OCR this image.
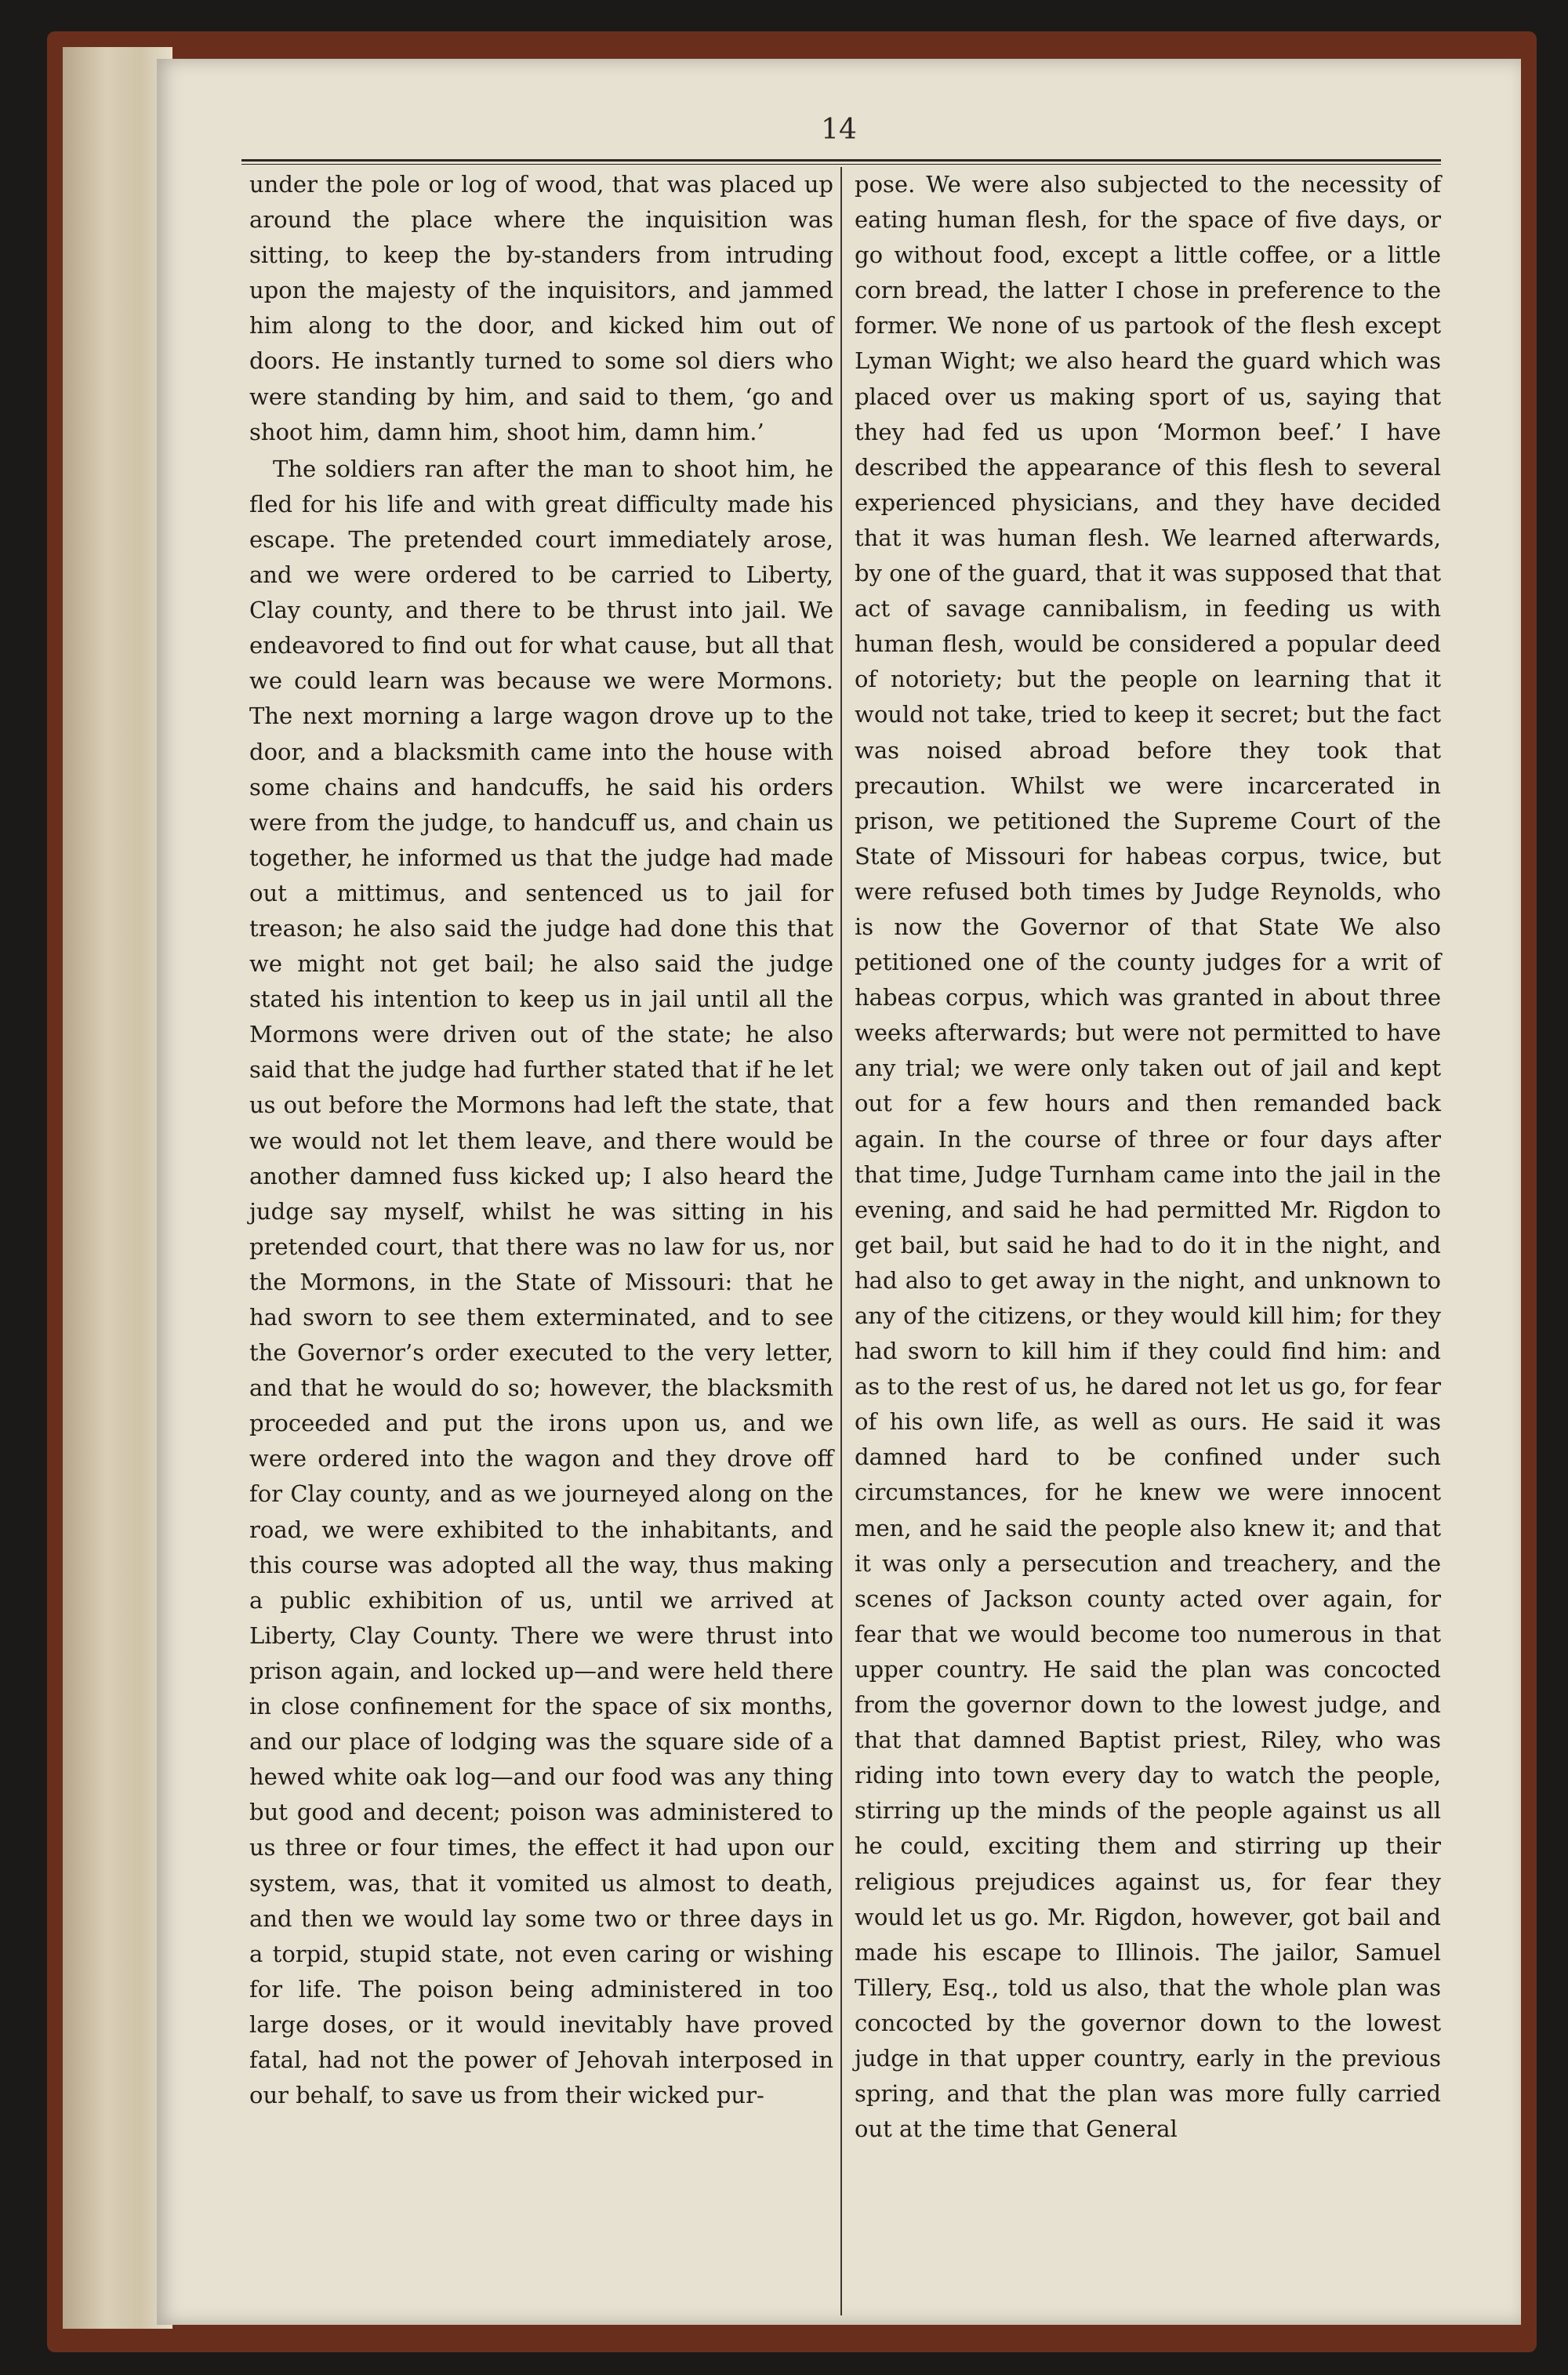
14

under the pole or log of wood, that was placed up around the place where the inquisition was sitting, to keep the by-standers from intruding upon the majesty of the inquisitors, and jammed him along to the door, and kicked him out of doors. He instantly turned to some sol diers who were standing by him, and said to them, ‘go and shoot him, damn him, shoot him, damn him.’

The soldiers ran after the man to shoot him, he fled for his life and with great difficulty made his escape. The pretended court immediately arose, and we were ordered to be carried to Liberty, Clay county, and there to be thrust into jail. We endeavored to find out for what cause, but all that we could learn was because we were Mormons. The next morning a large wagon drove up to the door, and a blacksmith came into the house with some chains and handcuffs, he said his orders were from the judge, to handcuff us, and chain us together, he informed us that the judge had made out a mittimus, and sentenced us to jail for treason; he also said the judge had done this that we might not get bail; he also said the judge stated his intention to keep us in jail until all the Mormons were driven out of the state; he also said that the judge had further stated that if he let us out before the Mormons had left the state, that we would not let them leave, and there would be another damned fuss kicked up; I also heard the judge say myself, whilst he was sitting in his pretended court, that there was no law for us, nor the Mormons, in the State of Missouri: that he had sworn to see them exterminated, and to see the Governor’s order executed to the very letter, and that he would do so; however, the blacksmith proceeded and put the irons upon us, and we were ordered into the wagon and they drove off for Clay county, and as we journeyed along on the road, we were exhibited to the inhabitants, and this course was adopted all the way, thus making a public exhibition of us, until we arrived at Liberty, Clay County. There we were thrust into prison again, and locked up—and were held there in close confinement for the space of six months, and our place of lodging was the square side of a hewed white oak log—and our food was any thing but good and decent; poison was administered to us three or four times, the effect it had upon our system, was, that it vomited us almost to death, and then we would lay some two or three days in a torpid, stupid state, not even caring or wishing for life. The poison being administered in too large doses, or it would inevitably have proved fatal, had not the power of Jehovah interposed in our behalf, to save us from their wicked pur-

pose. We were also subjected to the necessity of eating human flesh, for the space of five days, or go without food, except a little coffee, or a little corn bread, the latter I chose in preference to the former. We none of us partook of the flesh except Lyman Wight; we also heard the guard which was placed over us making sport of us, saying that they had fed us upon ‘Mormon beef.’ I have described the appearance of this flesh to several experienced physicians, and they have decided that it was human flesh. We learned afterwards, by one of the guard, that it was supposed that that act of savage cannibalism, in feeding us with human flesh, would be considered a popular deed of notoriety; but the people on learning that it would not take, tried to keep it secret; but the fact was noised abroad before they took that precaution. Whilst we were incarcerated in prison, we petitioned the Supreme Court of the State of Missouri for habeas corpus, twice, but were refused both times by Judge Reynolds, who is now the Governor of that State We also petitioned one of the county judges for a writ of habeas corpus, which was granted in about three weeks afterwards; but were not permitted to have any trial; we were only taken out of jail and kept out for a few hours and then remanded back again. In the course of three or four days after that time, Judge Turnham came into the jail in the evening, and said he had permitted Mr. Rigdon to get bail, but said he had to do it in the night, and had also to get away in the night, and unknown to any of the citizens, or they would kill him; for they had sworn to kill him if they could find him: and as to the rest of us, he dared not let us go, for fear of his own life, as well as ours. He said it was damned hard to be confined under such circumstances, for he knew we were innocent men, and he said the people also knew it; and that it was only a persecution and treachery, and the scenes of Jackson county acted over again, for fear that we would become too numerous in that upper country. He said the plan was concocted from the governor down to the lowest judge, and that that damned Baptist priest, Riley, who was riding into town every day to watch the people, stirring up the minds of the people against us all he could, exciting them and stirring up their religious prejudices against us, for fear they would let us go. Mr. Rigdon, however, got bail and made his escape to Illinois. The jailor, Samuel Tillery, Esq., told us also, that the whole plan was concocted by the governor down to the lowest judge in that upper country, early in the previous spring, and that the plan was more fully carried out at the time that General
